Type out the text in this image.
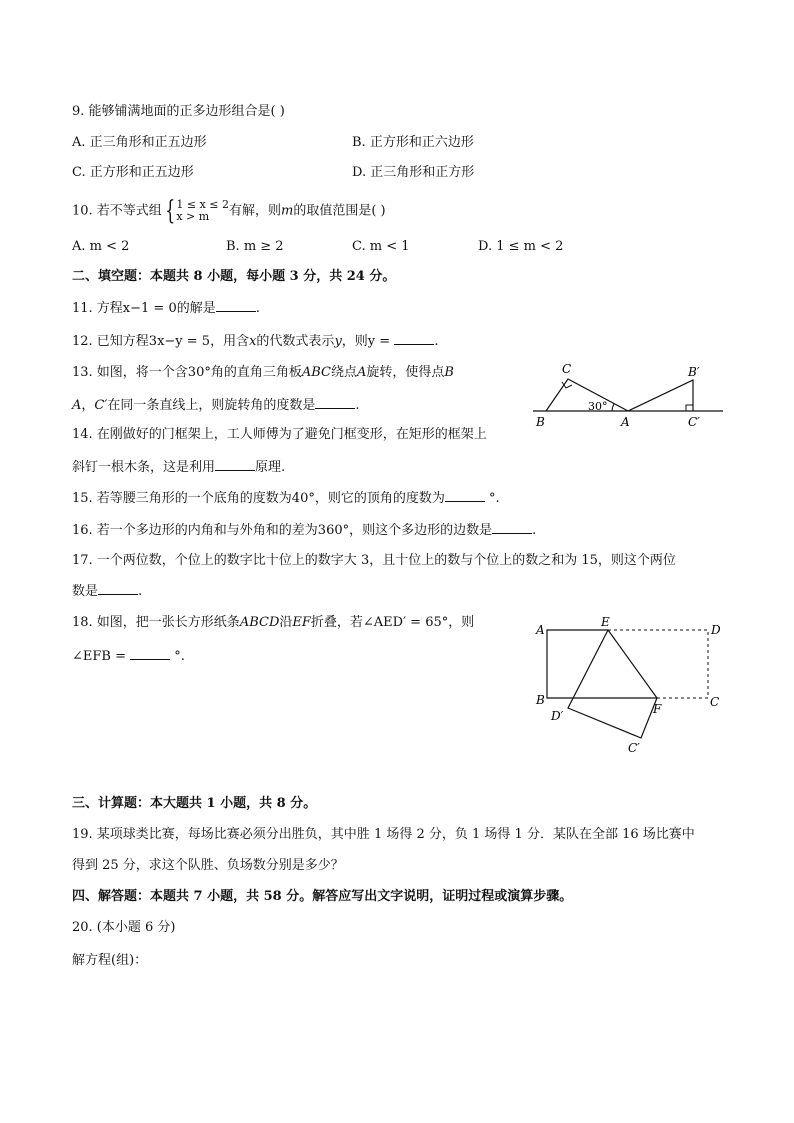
9. 能够铺满地面的正多边形组合是( )
A. 正三角形和正五边形	B. 正方形和正六边形
C. 正方形和正五边形	D. 正三角形和正方形
10. 若不等式组 {1 ≤ x ≤ 2
x > m 有解，则m的取值范围是( )
A. m < 2	B. m ≥ 2	C. m < 1	D. 1 ≤ m < 2
二、填空题：本题共 8 小题，每小题 3 分，共 24 分。
11. 方程x−1 = 0的解是	.
12. 已知方程3x−y = 5，用含x的代数式表示y，则y =	.
13. 如图，将一个含30°角的直角三角板ABC绕点A旋转，使得点B
A，C′在同一条直线上，则旋转角的度数是	.
C
B	A
B′
C′
30°
14. 在刚做好的门框架上，工人师傅为了避免门框变形，在矩形的框架上
斜钉一根木条，这是利用	原理.
15. 若等腰三角形的一个底角的度数为40°，则它的顶角的度数为	°.
16. 若一个多边形的内角和与外角和的差为360°，则这个多边形的边数是	.
17. 一个两位数，个位上的数字比十位上的数字大 3，且十位上的数与个位上的数之和为 15，则这个两位
数是	.
18. 如图，把一张长方形纸条ABCD沿EF折叠，若∠AED′ = 65°，则
∠EFB =	°.
A
E
D
B	C
D′	F
C′
三、计算题：本大题共 1 小题，共 8 分。
19. 某项球类比赛，每场比赛必须分出胜负，其中胜 1 场得 2 分，负 1 场得 1 分．某队在全部 16 场比赛中
得到 25 分，求这个队胜、负场数分别是多少？
四、解答题：本题共 7 小题，共 58 分。解答应写出文字说明，证明过程或演算步骤。
20. (本小题 6 分)
解方程(组)：
